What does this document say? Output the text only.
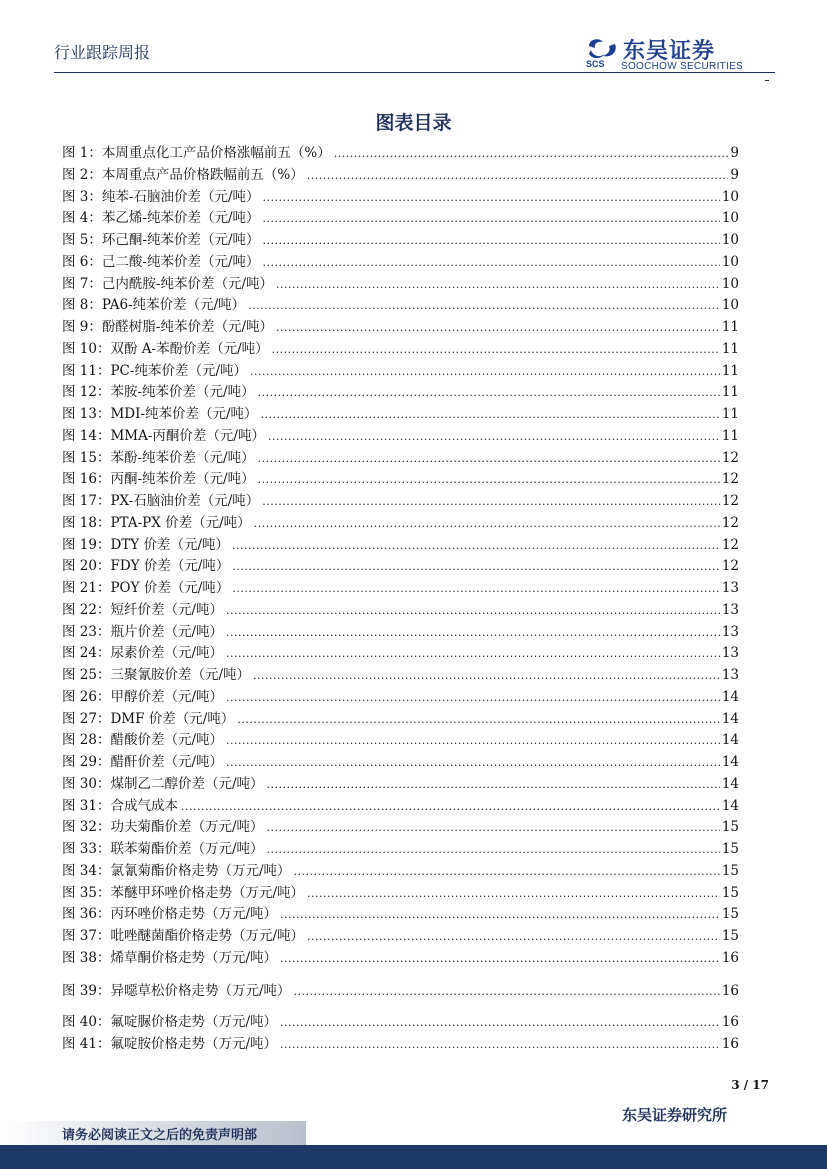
行业跟踪周报
SCS 东吴证券
SOOCHOW SECURITIES
图表目录
图 1：本周重点化工产品价格涨幅前五（%） .....	9
图 2：本周重点产品价格跌幅前五（%） .....	9
图 3：纯苯-石脑油价差（元/吨） .....	10
图 4：苯乙烯-纯苯价差（元/吨） .....	10
图 5：环己酮-纯苯价差（元/吨） .....	10
图 6：己二酸-纯苯价差（元/吨） .....	10
图 7：己内酰胺-纯苯价差（元/吨） .....	10
图 8：PA6-纯苯价差（元/吨） .....	10
图 9：酚醛树脂-纯苯价差（元/吨） .....	11
图 10：双酚 A-苯酚价差（元/吨） .....	11
图 11：PC-纯苯价差（元/吨） .....	11
图 12：苯胺-纯苯价差（元/吨） .....	11
图 13：MDI-纯苯价差（元/吨） .....	11
图 14：MMA-丙酮价差（元/吨） .....	11
图 15：苯酚-纯苯价差（元/吨） .....	12
图 16：丙酮-纯苯价差（元/吨） .....	12
图 17：PX-石脑油价差（元/吨） .....	12
图 18：PTA-PX 价差（元/吨） .....	12
图 19：DTY 价差（元/吨） .....	12
图 20：FDY 价差（元/吨） .....	12
图 21：POY 价差（元/吨） .....	13
图 22：短纤价差（元/吨） .....	13
图 23：瓶片价差（元/吨） .....	13
图 24：尿素价差（元/吨） .....	13
图 25：三聚氰胺价差（元/吨） .....	13
图 26：甲醇价差（元/吨） .....	14
图 27：DMF 价差（元/吨） .....	14
图 28：醋酸价差（元/吨） .....	14
图 29：醋酐价差（元/吨） .....	14
图 30：煤制乙二醇价差（元/吨） .....	14
图 31：合成气成本 .....	14
图 32：功夫菊酯价差（万元/吨） .....	15
图 33：联苯菊酯价差（万元/吨） .....	15
图 34：氯氰菊酯价格走势（万元/吨） .....	15
图 35：苯醚甲环唑价格走势（万元/吨） .....	15
图 36：丙环唑价格走势（万元/吨） .....	15
图 37：吡唑醚菌酯价格走势（万元/吨） .....	15
图 38：烯草酮价格走势（万元/吨） .....	16
图 39：异噁草松价格走势（万元/吨） .....	16
图 40：氟啶脲价格走势（万元/吨） .....	16
图 41：氟啶胺价格走势（万元/吨） .....	16
3 / 17
东吴证券研究所
请务必阅读正文之后的免责声明部
